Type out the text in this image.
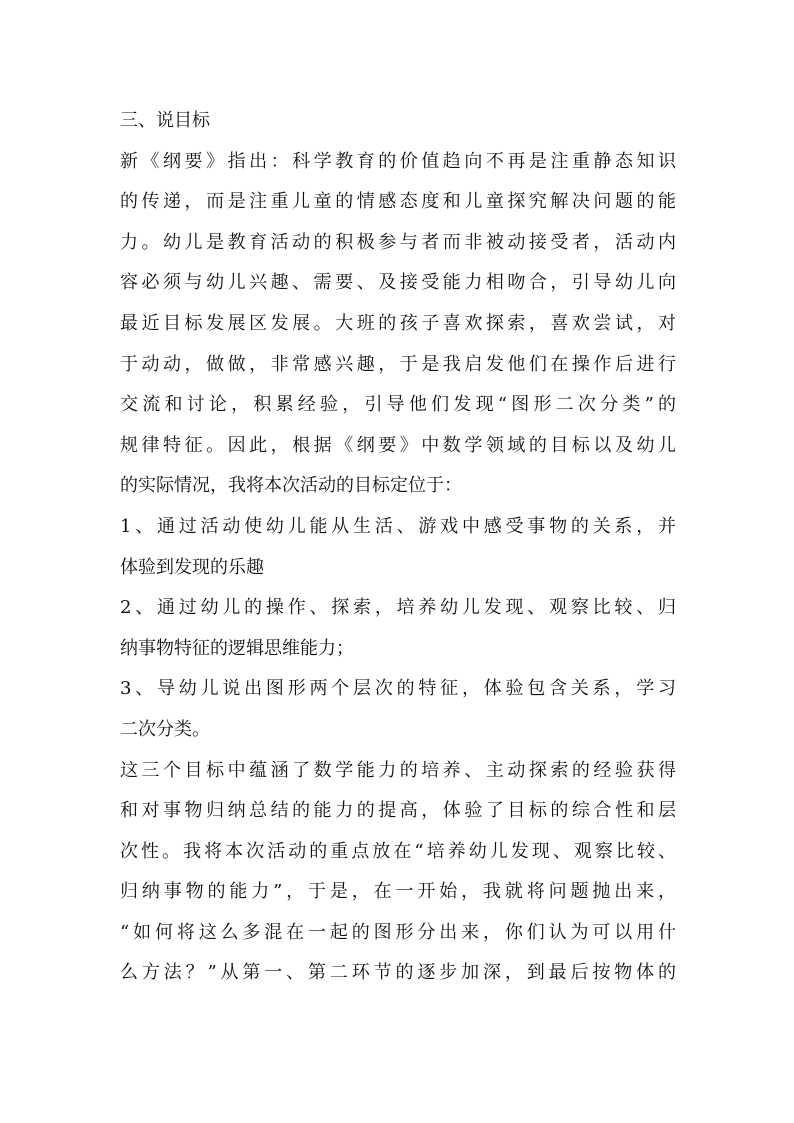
三、说目标
新《纲要》指出：科学教育的价值趋向不再是注重静态知识
的传递，而是注重儿童的情感态度和儿童探究解决问题的能
力。幼儿是教育活动的积极参与者而非被动接受者，活动内
容必须与幼儿兴趣、需要、及接受能力相吻合，引导幼儿向
最近目标发展区发展。大班的孩子喜欢探索，喜欢尝试，对
于动动，做做，非常感兴趣，于是我启发他们在操作后进行
交流和讨论，积累经验，引导他们发现“图形二次分类”的
规律特征。因此，根据《纲要》中数学领域的目标以及幼儿
的实际情况，我将本次活动的目标定位于：
1、通过活动使幼儿能从生活、游戏中感受事物的关系，并
体验到发现的乐趣
2、通过幼儿的操作、探索，培养幼儿发现、观察比较、归
纳事物特征的逻辑思维能力；
3、导幼儿说出图形两个层次的特征，体验包含关系，学习
二次分类。
这三个目标中蕴涵了数学能力的培养、主动探索的经验获得
和对事物归纳总结的能力的提高，体验了目标的综合性和层
次性。我将本次活动的重点放在“培养幼儿发现、观察比较、
归纳事物的能力”，于是，在一开始，我就将问题抛出来，
“如何将这么多混在一起的图形分出来，你们认为可以用什
么方法？”从第一、第二环节的逐步加深，到最后按物体的
